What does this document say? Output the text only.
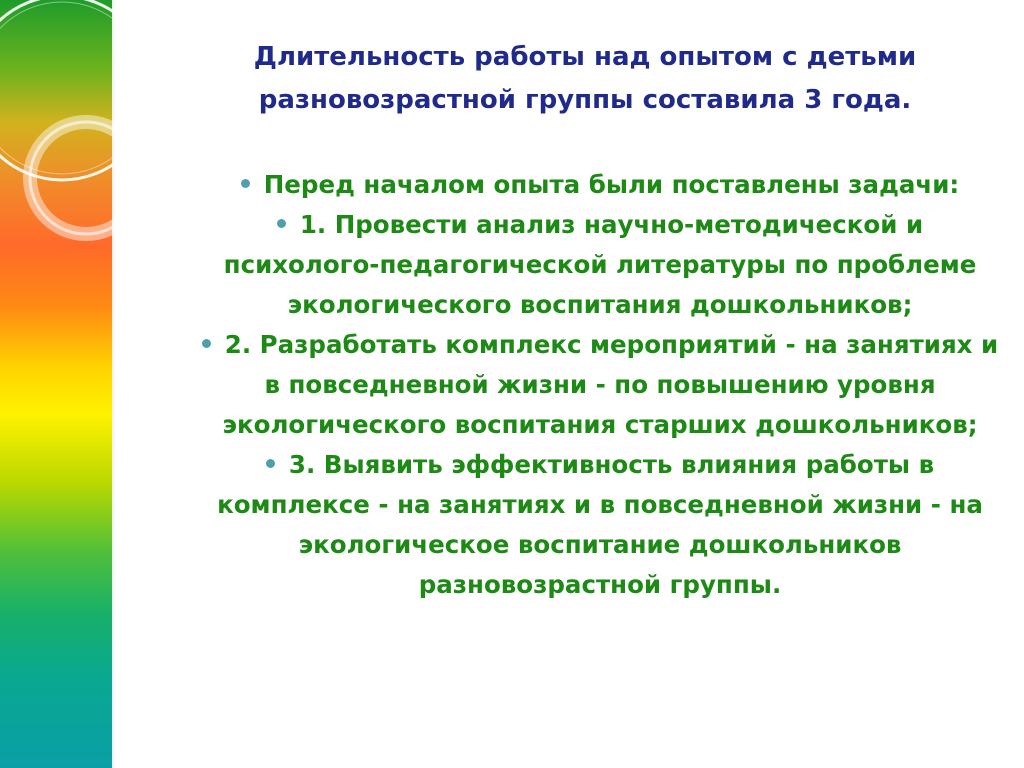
Длительность работы над опытом с детьми разновозрастной группы составила 3 года.
Перед началом опыта были поставлены задачи:
1. Провести анализ научно-методической и психолого-педагогической литературы по проблеме экологического воспитания дошкольников;
2. Разработать комплекс мероприятий - на занятиях и в повседневной жизни - по повышению уровня экологического воспитания старших дошкольников;
3. Выявить эффективность влияния работы в комплексе - на занятиях и в повседневной жизни - на экологическое воспитание дошкольников разновозрастной группы.
